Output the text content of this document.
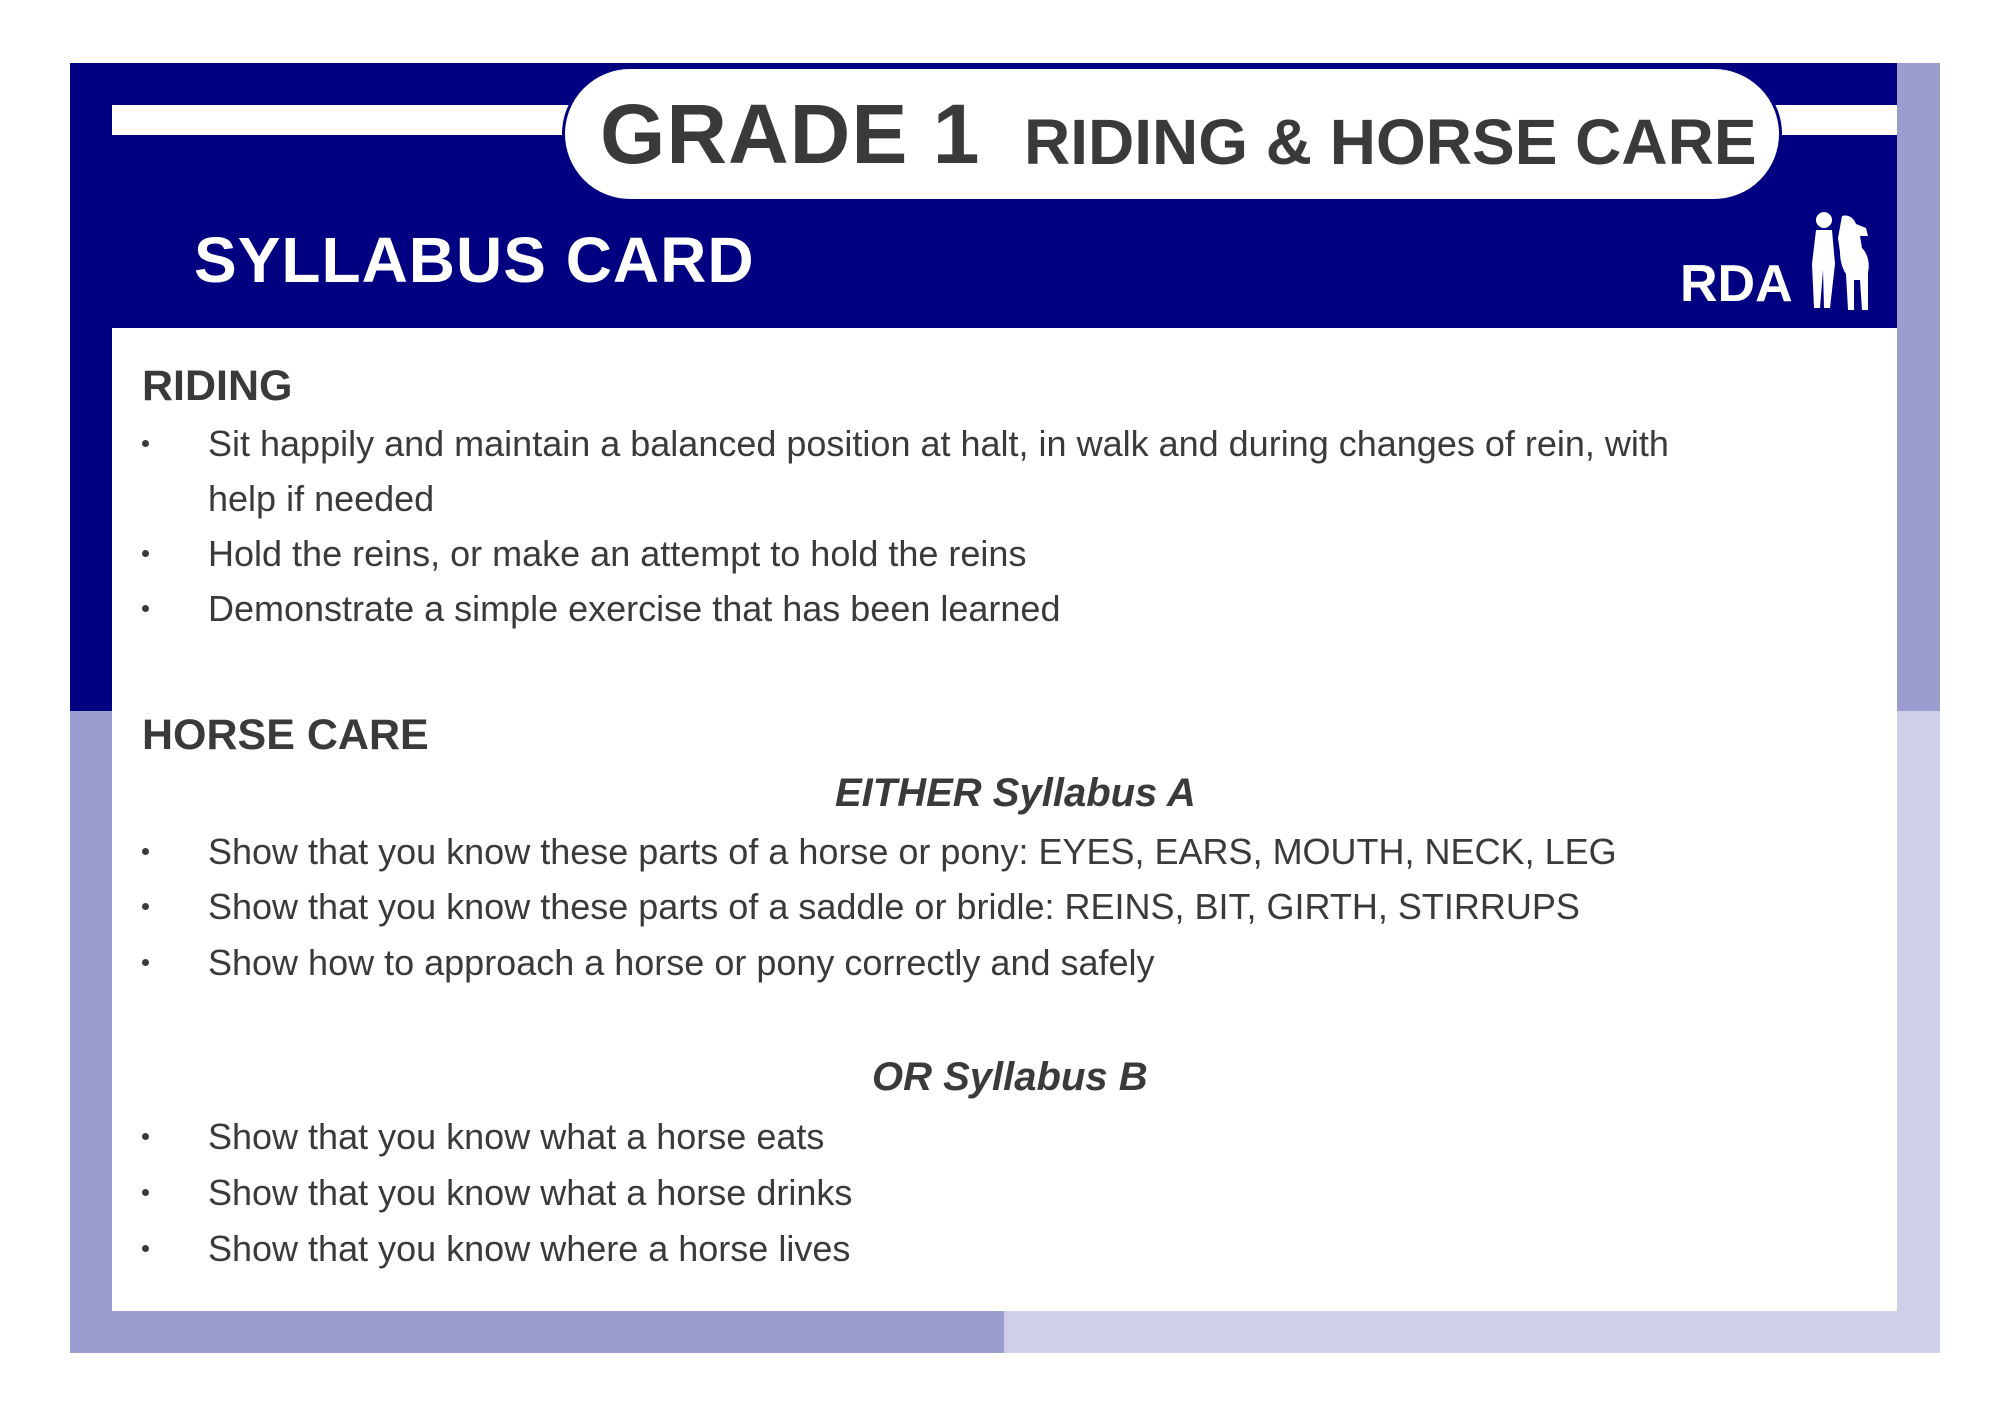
GRADE 1 RIDING & HORSE CARE
SYLLABUS CARD	RDA
RIDING
Sit happily and maintain a balanced position at halt, in walk and during changes of rein, with
help if needed
Hold the reins, or make an attempt to hold the reins
Demonstrate a simple exercise that has been learned
HORSE CARE
EITHER Syllabus A
Show that you know these parts of a horse or pony: EYES, EARS, MOUTH, NECK, LEG
Show that you know these parts of a saddle or bridle: REINS, BIT, GIRTH, STIRRUPS
Show how to approach a horse or pony correctly and safely
OR Syllabus B
Show that you know what a horse eats
Show that you know what a horse drinks
Show that you know where a horse lives
